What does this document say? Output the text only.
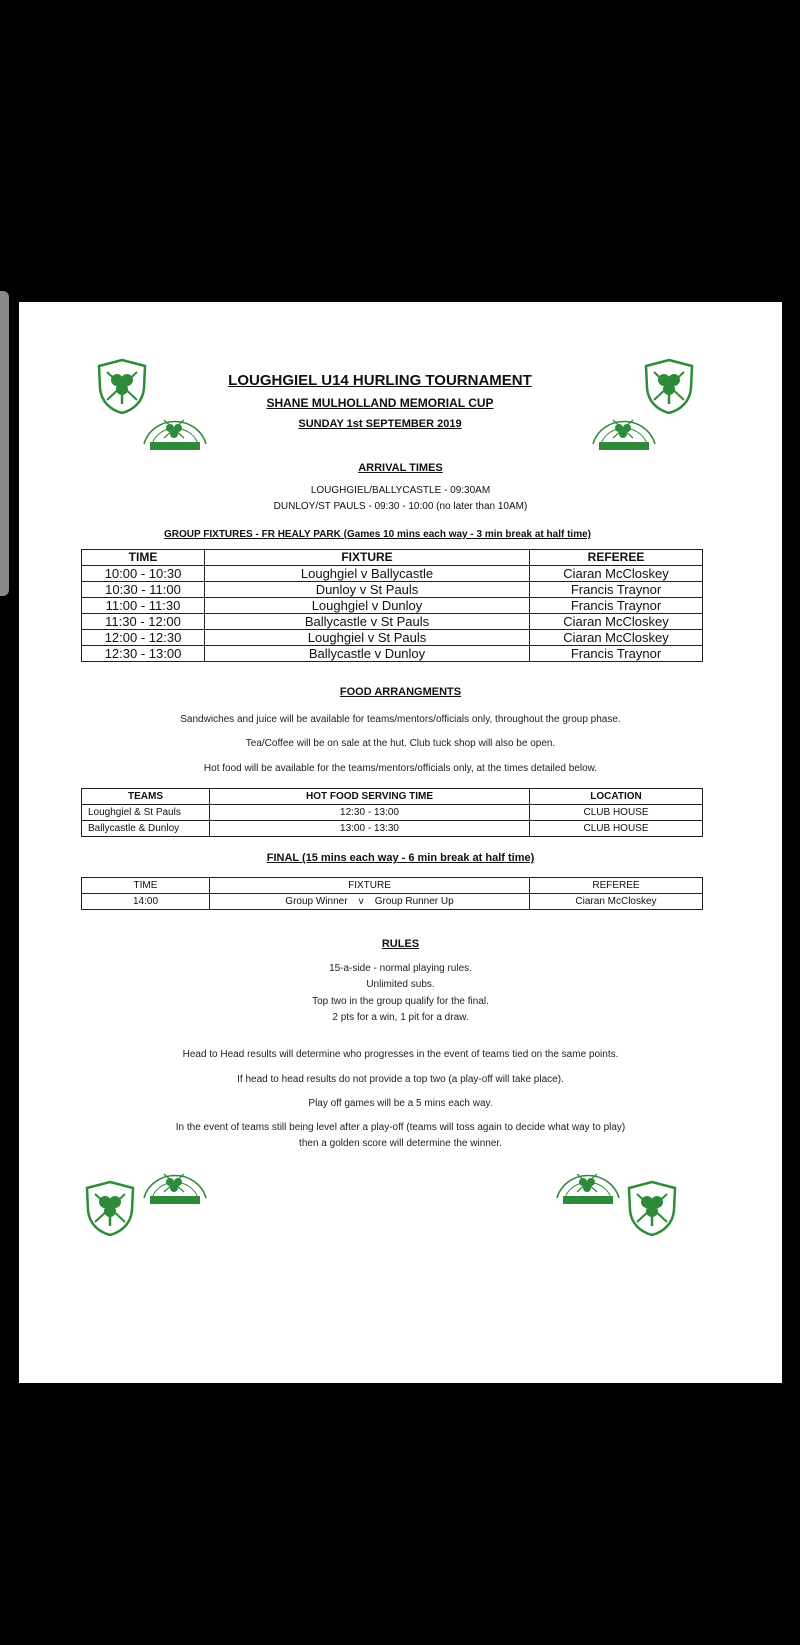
LOUGHGIEL U14 HURLING TOURNAMENT
SHANE MULHOLLAND MEMORIAL CUP
SUNDAY 1st SEPTEMBER 2019
ARRIVAL TIMES
LOUGHGIEL/BALLYCASTLE - 09:30AM
DUNLOY/ST PAULS - 09:30 - 10:00 (no later than 10AM)
GROUP FIXTURES - FR HEALY PARK (Games 10 mins each way - 3 min break at half time)
TIME	FIXTURE	REFEREE
10:00 - 10:30	Loughgiel v Ballycastle	Ciaran McCloskey
10:30 - 11:00	Dunloy v St Pauls	Francis Traynor
11:00 - 11:30	Loughgiel v Dunloy	Francis Traynor
11:30 - 12:00	Ballycastle v St Pauls	Ciaran McCloskey
12:00 - 12:30	Loughgiel v St Pauls	Ciaran McCloskey
12:30 - 13:00	Ballycastle v Dunloy	Francis Traynor
FOOD ARRANGMENTS
Sandwiches and juice will be available for teams/mentors/officials only, throughout the group phase.
Tea/Coffee will be on sale at the hut. Club tuck shop will also be open.
Hot food will be available for the teams/mentors/officials only, at the times detailed below.
TEAMS	HOT FOOD SERVING TIME	LOCATION
Loughgiel & St Pauls	12:30 - 13:00	CLUB HOUSE
Ballycastle & Dunloy	13:00 - 13:30	CLUB HOUSE
FINAL (15 mins each way - 6 min break at half time)
TIME	FIXTURE	REFEREE
14:00	Group Winner    v    Group Runner Up	Ciaran McCloskey
RULES
15-a-side - normal playing rules.
Unlimited subs.
Top two in the group qualify for the final.
2 pts for a win, 1 pit for a draw.
Head to Head results will determine who progresses in the event of teams tied on the same points.
If head to head results do not provide a top two (a play-off will take place).
Play off games will be a 5 mins each way.
In the event of teams still being level after a play-off (teams will toss again to decide what way to play)
then a golden score will determine the winner.
